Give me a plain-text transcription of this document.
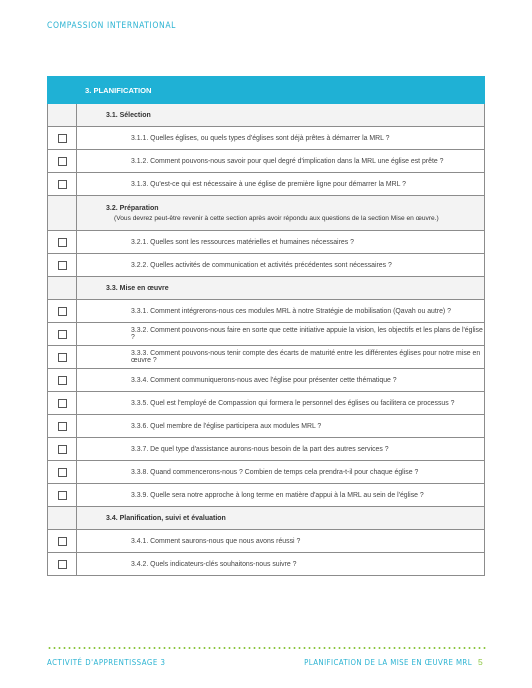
COMPASSION INTERNATIONAL
3. PLANIFICATION	
	3.1. Sélection

	3.1.1. Quelles églises, ou quels types d'églises sont déjà prêtes à démarrer la MRL ?

	3.1.2. Comment pouvons-nous savoir pour quel degré d'implication dans la MRL une église est prête ?

	3.1.3. Qu'est-ce qui est nécessaire à une église de première ligne pour démarrer la MRL ?
	3.2. Préparation
(Vous devrez peut-être revenir à cette section après avoir répondu aux questions de la section Mise en œuvre.)

	3.2.1. Quelles sont les ressources matérielles et humaines nécessaires ?

	3.2.2. Quelles activités de communication et activités précédentes sont nécessaires ?
	3.3. Mise en œuvre

	3.3.1. Comment intégrerons-nous ces modules MRL à notre Stratégie de mobilisation (Qavah ou autre) ?

	3.3.2. Comment pouvons-nous faire en sorte que cette initiative appuie la vision, les objectifs et les plans de l'église ?

	3.3.3. Comment pouvons-nous tenir compte des écarts de maturité entre les différentes églises pour notre mise en œuvre ?

	3.3.4. Comment communiquerons-nous avec l'église pour présenter cette thématique ?

	3.3.5. Quel est l'employé de Compassion qui formera le personnel des églises ou facilitera ce processus ?

	3.3.6. Quel membre de l'église participera aux modules MRL ?

	3.3.7. De quel type d'assistance aurons-nous besoin de la part des autres services ?

	3.3.8. Quand commencerons-nous ? Combien de temps cela prendra-t-il pour chaque église ?

	3.3.9. Quelle sera notre approche à long terme en matière d'appui à la MRL au sein de l'église ?
	3.4. Planification, suivi et évaluation

	3.4.1. Comment saurons-nous que nous avons réussi ?

	3.4.2. Quels indicateurs-clés souhaitons-nous suivre ?
ACTIVITÉ D'APPRENTISSAGE 3	PLANIFICATION DE LA MISE EN ŒUVRE MRL 5
